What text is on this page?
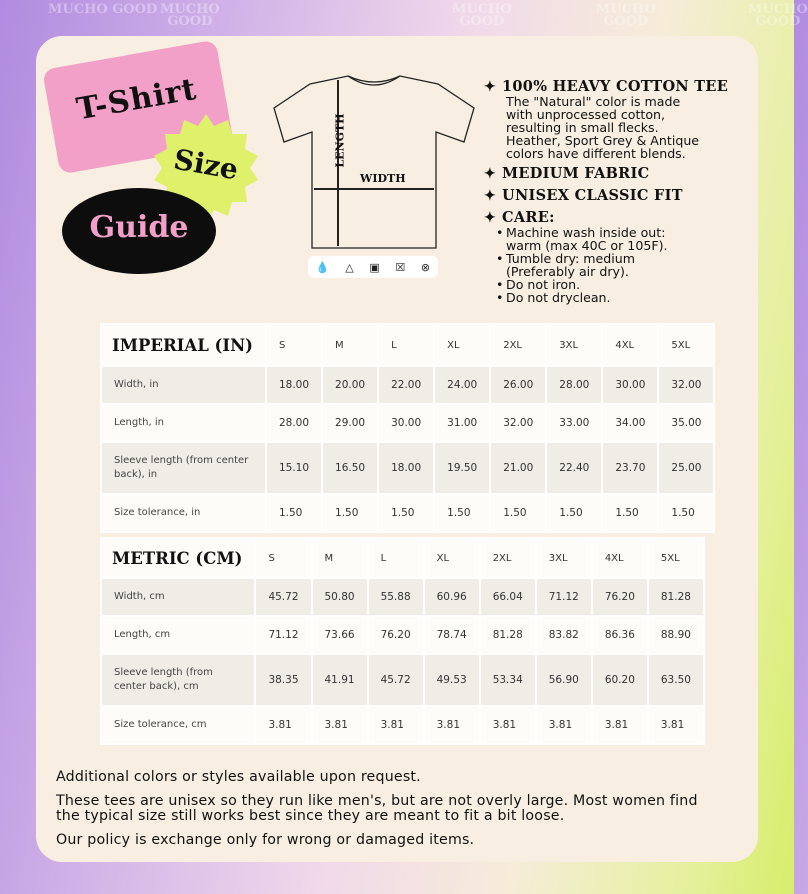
MUCHO GOOD MUCHO
GOOD
MUCHO
GOOD
MUCHO
GOOD
MUCHO
GOOD
T-Shirt
Size
Guide
LENGTH
WIDTH
💧 △ ▣ ☒ ⊗
✦ 100% HEAVY COTTON TEE

The "Natural" color is made

with unprocessed cotton,

resulting in small flecks.

Heather, Sport Grey & Antique

colors have different blends.

✦ MEDIUM FABRIC
✦ UNISEX CLASSIC FIT
✦ CARE:
• Machine wash inside out:
warm (max 40C or 105F).
• Tumble dry: medium
(Preferably air dry).
• Do not iron.
• Do not dryclean.
IMPERIAL (IN)	S	M	L	XL	2XL	3XL	4XL	5XL
Width, in	18.00	20.00	22.00	24.00	26.00	28.00	30.00	32.00
Length, in	28.00	29.00	30.00	31.00	32.00	33.00	34.00	35.00
Sleeve length (from center back), in	15.10	16.50	18.00	19.50	21.00	22.40	23.70	25.00
Size tolerance, in	1.50	1.50	1.50	1.50	1.50	1.50	1.50	1.50
METRIC (CM)	S	M	L	XL	2XL	3XL	4XL	5XL
Width, cm	45.72	50.80	55.88	60.96	66.04	71.12	76.20	81.28
Length, cm	71.12	73.66	76.20	78.74	81.28	83.82	86.36	88.90
Sleeve length (from center back), cm	38.35	41.91	45.72	49.53	53.34	56.90	60.20	63.50
Size tolerance, cm	3.81	3.81	3.81	3.81	3.81	3.81	3.81	3.81
Additional colors or styles available upon request.
These tees are unisex so they run like men's, but are not overly large. Most women find
the typical size still works best since they are meant to fit a bit loose.
Our policy is exchange only for wrong or damaged items.
